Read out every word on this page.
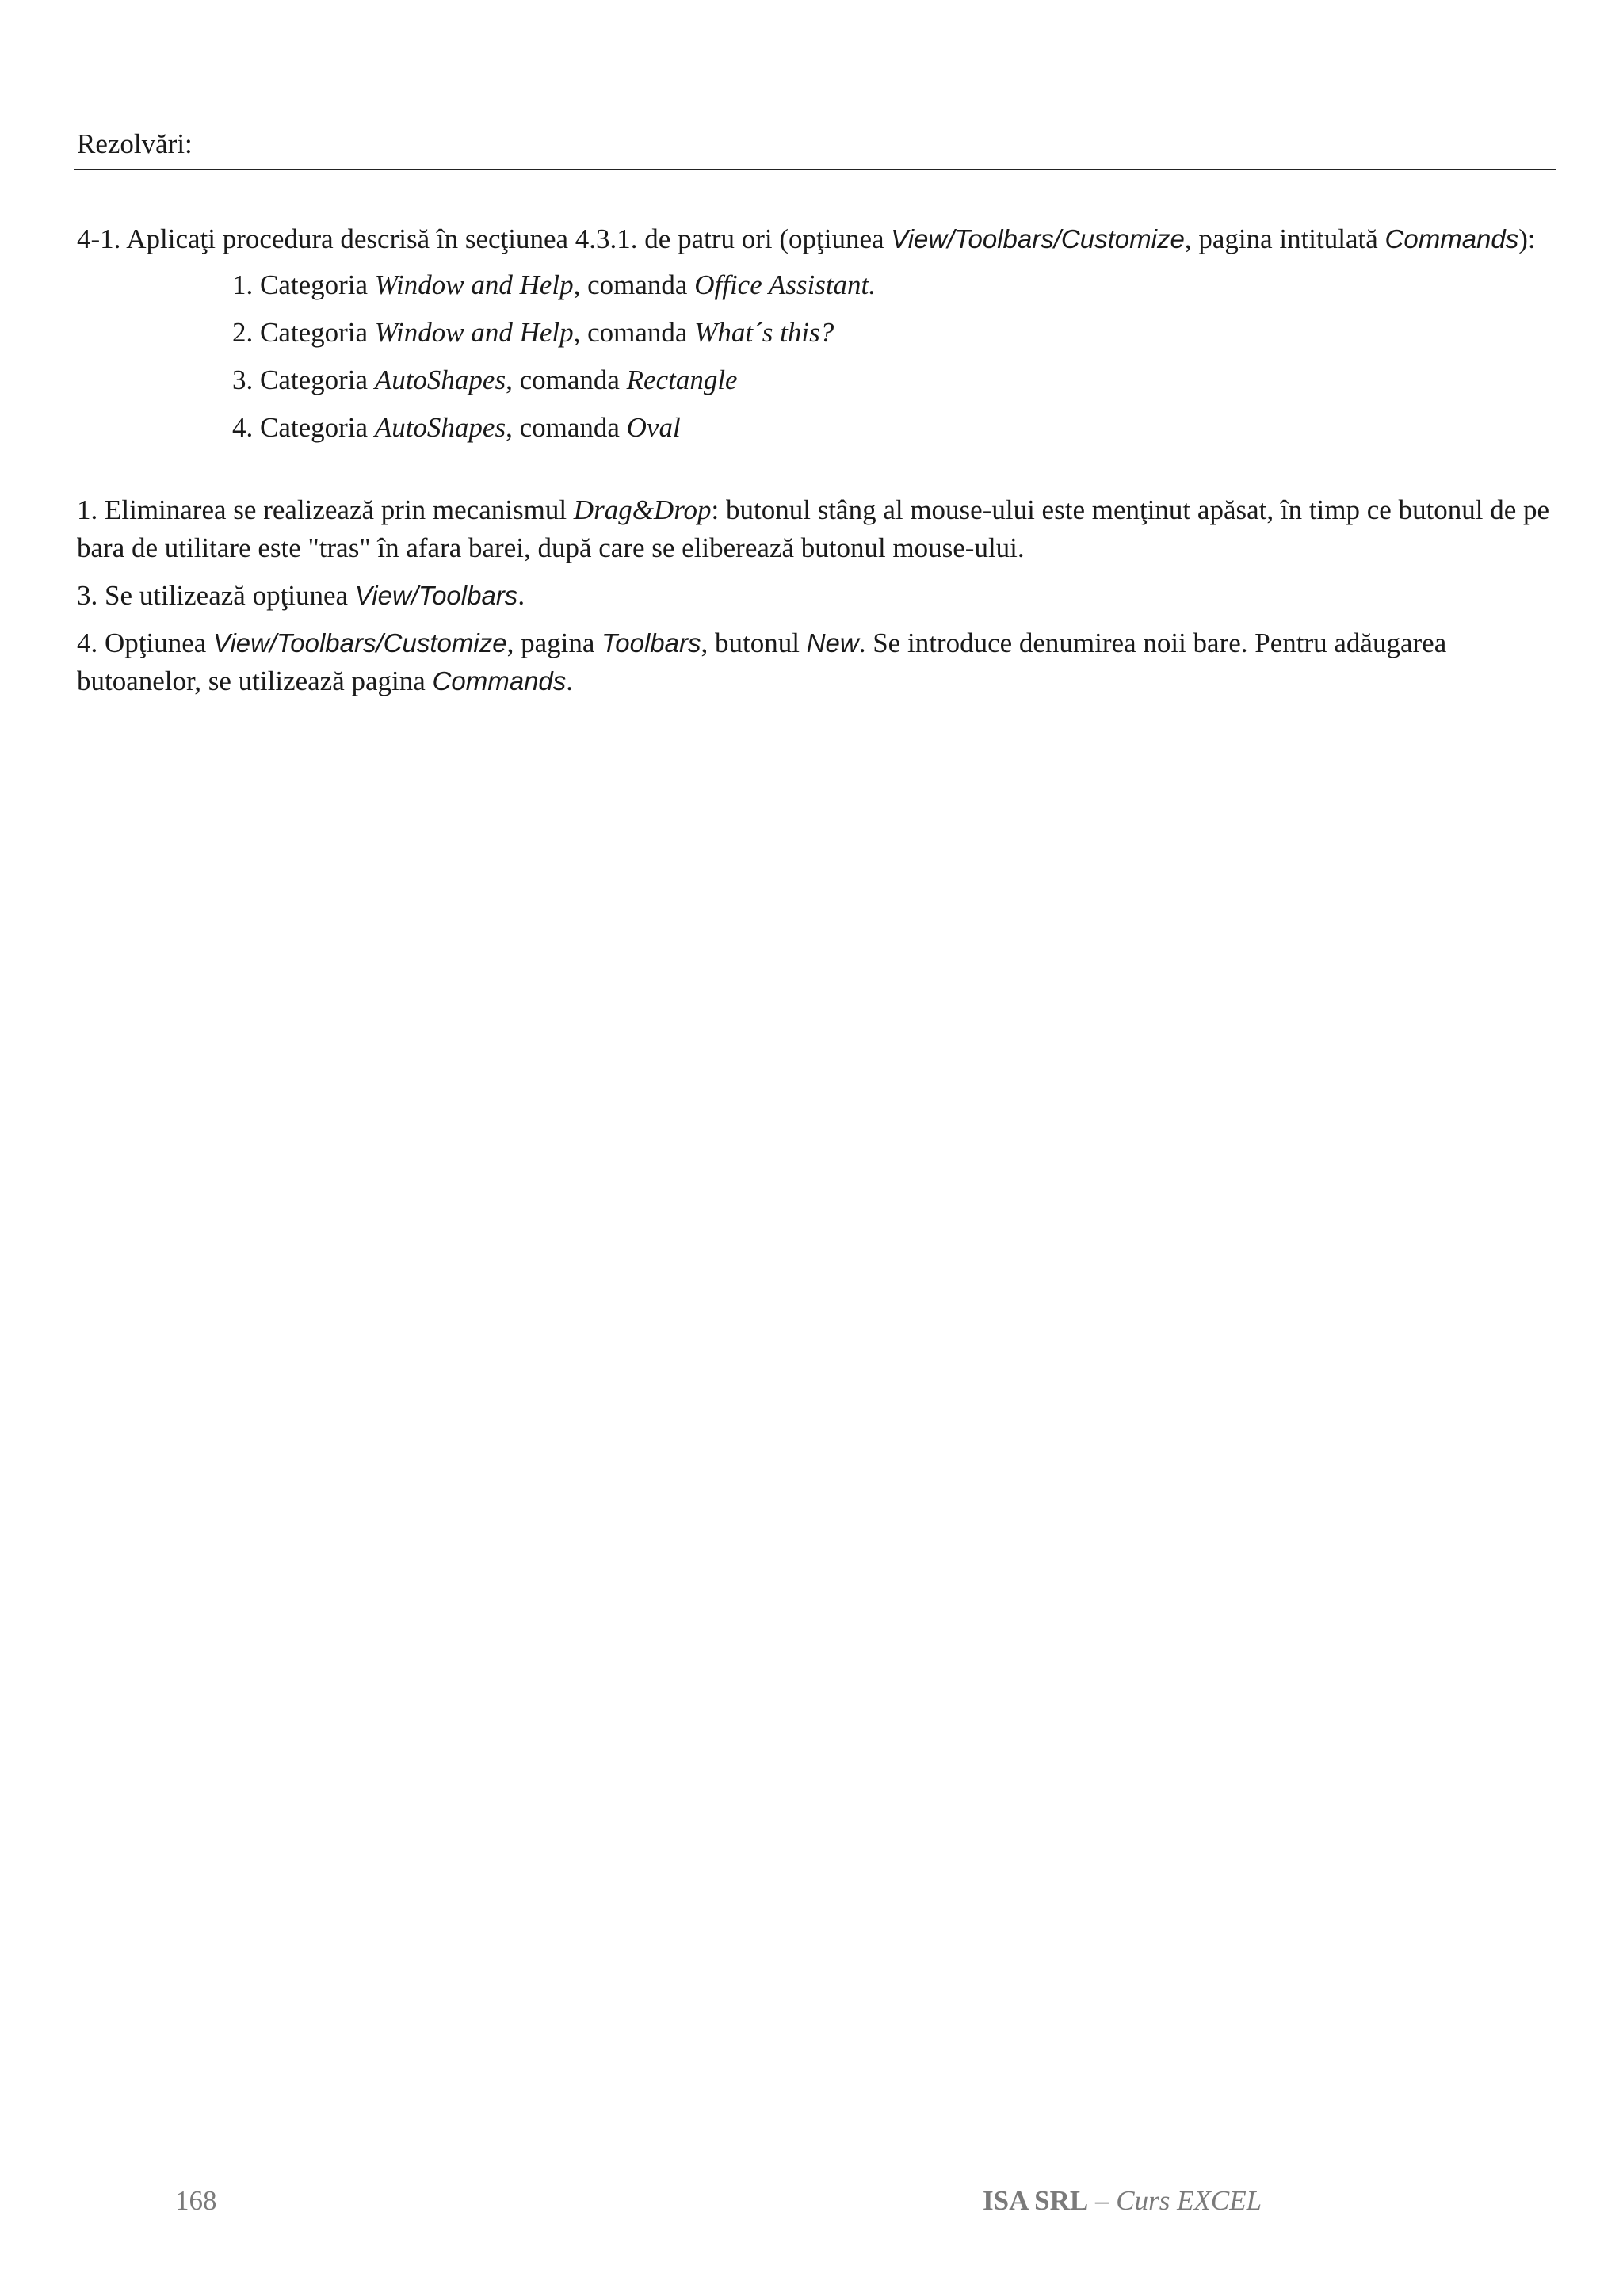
Rezolvări:

4-1. Aplicaţi procedura descrisă în secţiunea 4.3.1. de patru ori (opţiunea View/Toolbars/Customize, pagina intitulată Commands):

1. Categoria Window and Help, comanda Office Assistant.
2. Categoria Window and Help, comanda What´s this?
3. Categoria AutoShapes, comanda Rectangle
4. Categoria AutoShapes, comanda Oval

1. Eliminarea se realizează prin mecanismul Drag&Drop: butonul stâng al mouse-ului este menţinut apăsat, în timp ce butonul de pe bara de utilitare este "tras" în afara barei, după care se eliberează butonul mouse-ului.

3. Se utilizează opţiunea View/Toolbars.

4. Opţiunea View/Toolbars/Customize, pagina Toolbars, butonul New. Se introduce denumirea noii bare. Pentru adăugarea butoanelor, se utilizează pagina Commands.

168	ISA SRL – Curs EXCEL
